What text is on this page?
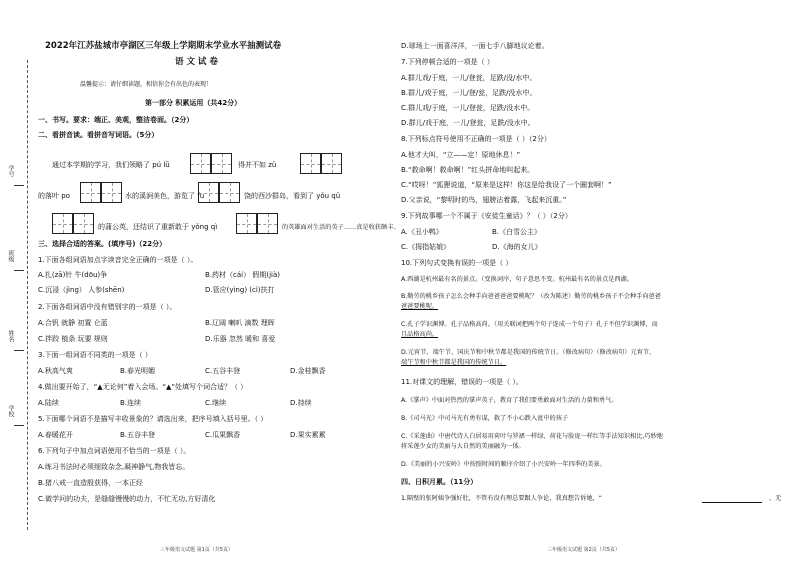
学号
班级
姓名
学校
2022年江苏盐城市亭湖区三年级上学期期末学业水平抽测试卷
语 文 试 卷
温馨提示：请仔细读题，相信你会有出色的表现！
第一部分 积累运用（共42分）
一、书写。要求：端正、美观，整洁卷面。（2分）
二、看拼音读。看拼音写词语。（5分）
通过本学期的学习，我们领略了 pú lǜ	得并不如 zǔ
的落叶 po	水的溪涧美色，游览了 fu	饶的西沙群岛，看到了 yǒu qǔ
的蒲公英，还结识了重新敢于 yǒng qì	的英雄面对生活的英子……真是收获颇丰。
三、选择合适的答案。(填序号)（22分）
1.下面各组词语加点字读音完全正确的一项是（ ）。
A.扎(zā)针 牛(dōu)争	B.药材（cái） 假期(jià)
C.沉浸（jìng） 人参(shēn)	D.管应(yìng) (cì)扶打
2.下面各组词语中没有错别字的一项是（ ）。
A.合钒 就静 初置 仑蓝	B.辽阔 喇叭 滴数 理晖
C.拌跤 植条 玩要 规则	D.乐器 忽然 暖和 喜爱
3.下面一组词语不同类的一项是（ ）
A.秋高气爽	B.春光明媚	C.五谷丰登	D.金桂飘香
4.做出要开始了，“▲无论何”着入会场。“▲”处填写个词合适？（ ）
A.陆续	B.连续	C.继续	D.持续
5.下面哪个词语不是描写丰收景象的？请选出来，把序号填入括号里。（ ）
A.春暖花开	B.五谷丰登	C.瓜果飘香	D.果实累累
6.下列句子中加点词语使用不恰当的一项是（ ）。
A.练习书法时必须细致杂念,凝神静气,物我皆忘。
B.猪八戒一直造殷获得，一本正经
C.做学问的功夫，是缝缝慢慢的动力，不忙无功,方好清化
三年级语文试题 第1页（共5页）
D.球场上一面喜洋洋，一面七手八脚地议论着。
7.下列停顿合适的一项是（ ）
A.群儿戏/于庭，一儿/登瓮，足跌/没/水中。
B.群儿/戏于庭，一儿/登/瓮，足跌/没水中。
C.群儿戏/于庭，一儿/登瓮，足跌/没水中。
D.群儿/戏于庭，一儿/登瓮，足跌/没水中。
8.下列标点符号使用不正确的一项是（ ）（2分）
A.他才大叫，“立——定！原地休息！”
B.“救命啊！救命啊！”红头拼命地叫起来。
C.“哎呀！”狐狸说道，“原来是这样！你这是给我设了一个圈套啊！”
D.父亲说，“黎明时的鸟，翅膀沾着露，飞起来沉重。”
9.下列故事哪一个不属于《安徒生童话》？（ ）（2分）
A.《丑小鸭》	B.《白雪公主》
C.《拇指姑娘》	D.《海的女儿》
10.下列句式变换有误的一项是（ ）
A.西湖是杭州最有名的景点。（变换词序，句子意思不变。杭州最有名的景点是西湖。
B.勤劳的桃乡孩子怎么会种手向爸爸爸爸要桃呢？（改为陈述）勤劳的桃乡孩子不会种手向爸爸
爸爸要桃呢。
C.孔子学识渊博。孔子品格高尚。（用关联词把两个句子连成一个句子）孔子不但学识渊博，而
且品格高尚。
D.元宵节、端午节、国庆节和中秋节都是我国的传统节日。（修改病句）（修改病句）元宵节、
端午节和中秋节都是我国的传统节日。
11.对课文的理解，错误的一项是（ ）。
A.《掌声》中面对热烈的掌声英子，教育了我们要勇敢面对生活的力量和勇气。
B.《司马光》中司马光有勇有谋，救了不小心跌入瓮中的孩子
C.《采莲曲》中唐代诗人白居易用荷叶与罗裙一样绿、荷花与脸庞一样红等手法知识相比,巧妙地
将采莲少女的美丽与大自然的美丽融为一体。
D.《美丽的小兴安岭》中按照时间的顺序介绍了小兴安岭一年四季的美景。
四、日积月累。（11分）
1.隔壁的张阿姨争强好肚，不管有没有理总要跟人争论，我真想告诉她，“	，无
三年级语文试题 第2页（共5页）
